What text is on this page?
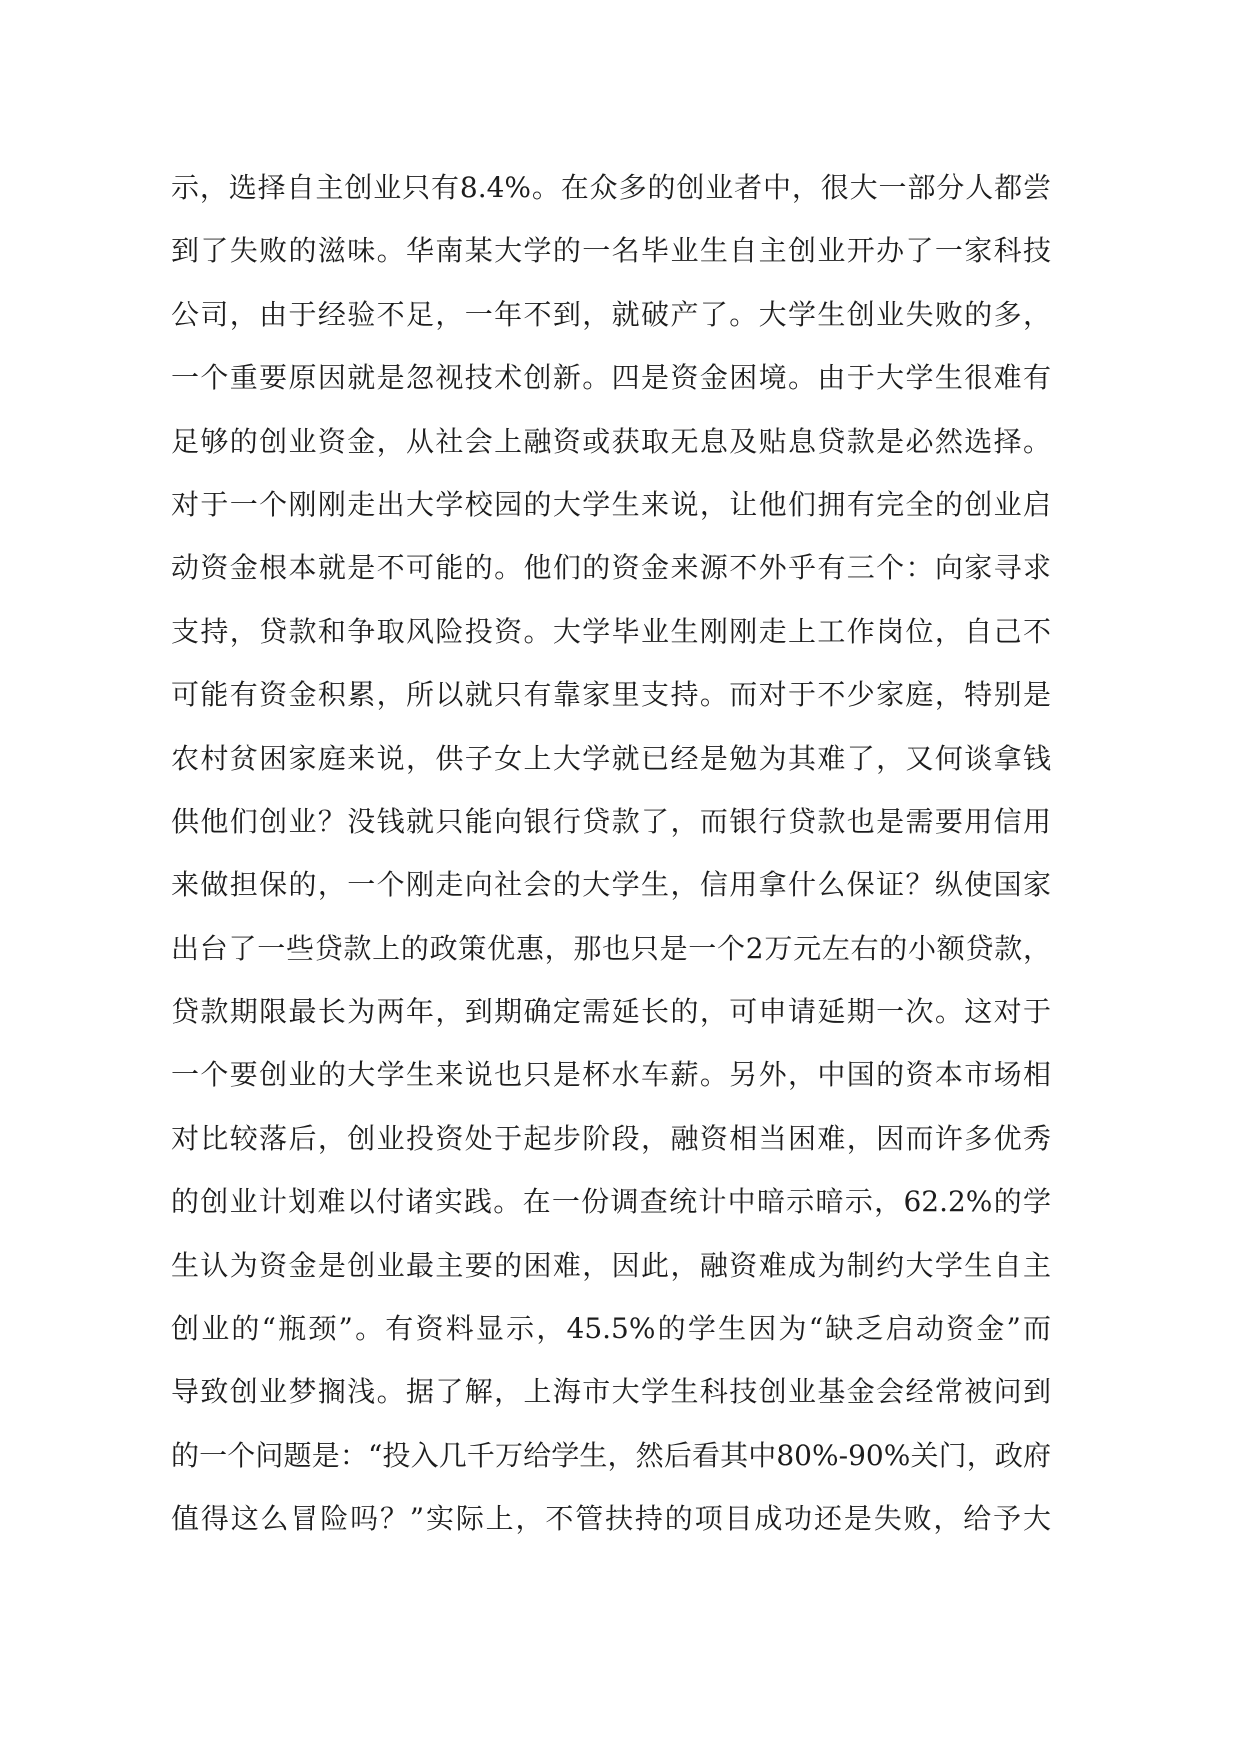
示，选择自主创业只有8.4%。在众多的创业者中，很大一部分人都尝
到了失败的滋味。华南某大学的一名毕业生自主创业开办了一家科技
公司，由于经验不足，一年不到，就破产了。大学生创业失败的多，
一个重要原因就是忽视技术创新。四是资金困境。由于大学生很难有
足够的创业资金，从社会上融资或获取无息及贴息贷款是必然选择。
对于一个刚刚走出大学校园的大学生来说，让他们拥有完全的创业启
动资金根本就是不可能的。他们的资金来源不外乎有三个：向家寻求
支持，贷款和争取风险投资。大学毕业生刚刚走上工作岗位，自己不
可能有资金积累，所以就只有靠家里支持。而对于不少家庭，特别是
农村贫困家庭来说，供子女上大学就已经是勉为其难了，又何谈拿钱
供他们创业？没钱就只能向银行贷款了，而银行贷款也是需要用信用
来做担保的，一个刚走向社会的大学生，信用拿什么保证？纵使国家
出台了一些贷款上的政策优惠，那也只是一个2万元左右的小额贷款，
贷款期限最长为两年，到期确定需延长的，可申请延期一次。这对于
一个要创业的大学生来说也只是杯水车薪。另外，中国的资本市场相
对比较落后，创业投资处于起步阶段，融资相当困难，因而许多优秀
的创业计划难以付诸实践。在一份调查统计中暗示暗示，62.2%的学
生认为资金是创业最主要的困难，因此，融资难成为制约大学生自主
创业的“瓶颈”。有资料显示，45.5%的学生因为“缺乏启动资金”而
导致创业梦搁浅。据了解，上海市大学生科技创业基金会经常被问到
的一个问题是：“投入几千万给学生，然后看其中80%-90%关门，政府
值得这么冒险吗？”实际上，不管扶持的项目成功还是失败，给予大
